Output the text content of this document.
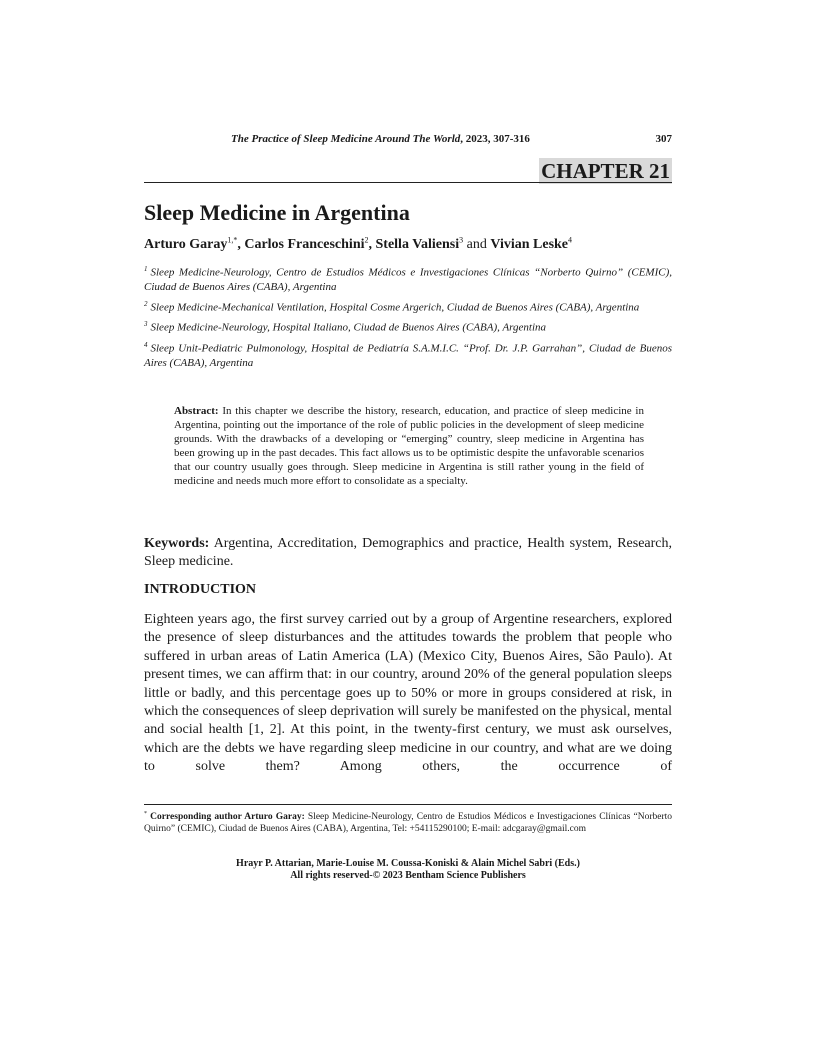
The Practice of Sleep Medicine Around The World, 2023, 307-316	307
CHAPTER 21
Sleep Medicine in Argentina
Arturo Garay$^{1,*}$, Carlos Franceschini$^2$, Stella Valiensi$^3$ and Vivian Leske$^4$

$^1$ Sleep Medicine-Neurology, Centro de Estudios Médicos e Investigaciones Clínicas “Norberto Quirno” (CEMIC), Ciudad de Buenos Aires (CABA), Argentina

$^2$ Sleep Medicine-Mechanical Ventilation, Hospital Cosme Argerich, Ciudad de Buenos Aires (CABA), Argentina

$^3$ Sleep Medicine-Neurology, Hospital Italiano, Ciudad de Buenos Aires (CABA), Argentina

$^4$ Sleep Unit-Pediatric Pulmonology, Hospital de Pediatría S.A.M.I.C. “Prof. Dr. J.P. Garrahan”, Ciudad de Buenos Aires (CABA), Argentina

Abstract: In this chapter we describe the history, research, education, and practice of sleep medicine in Argentina, pointing out the importance of the role of public policies in the development of sleep medicine grounds. With the drawbacks of a developing or “emerging” country, sleep medicine in Argentina has been growing up in the past decades. This fact allows us to be optimistic despite the unfavorable scenarios that our country usually goes through. Sleep medicine in Argentina is still rather young in the field of medicine and needs much more effort to consolidate as a specialty.

Keywords: Argentina, Accreditation, Demographics and practice, Health system, Research, Sleep medicine.

INTRODUCTION

Eighteen years ago, the first survey carried out by a group of Argentine researchers, explored the presence of sleep disturbances and the attitudes towards the problem that people who suffered in urban areas of Latin America (LA) (Mexico City, Buenos Aires, São Paulo). At present times, we can affirm that: in our country, around 20% of the general population sleeps little or badly, and this percentage goes up to 50% or more in groups considered at risk, in which the consequences of sleep deprivation will surely be manifested on the physical, mental and social health [1, 2]. At this point, in the twenty-first century, we must ask ourselves, which are the debts we have regarding sleep medicine in our country, and what are we doing to solve them? Among others, the occurrence of

* Corresponding author Arturo Garay: Sleep Medicine-Neurology, Centro de Estudios Médicos e Investigaciones Clínicas “Norberto Quirno” (CEMIC), Ciudad de Buenos Aires (CABA), Argentina, Tel: +54115290100; E-mail: adcgaray@gmail.com

Hrayr P. Attarian, Marie-Louise M. Coussa-Koniski & Alain Michel Sabri (Eds.)
All rights reserved-© 2023 Bentham Science Publishers
